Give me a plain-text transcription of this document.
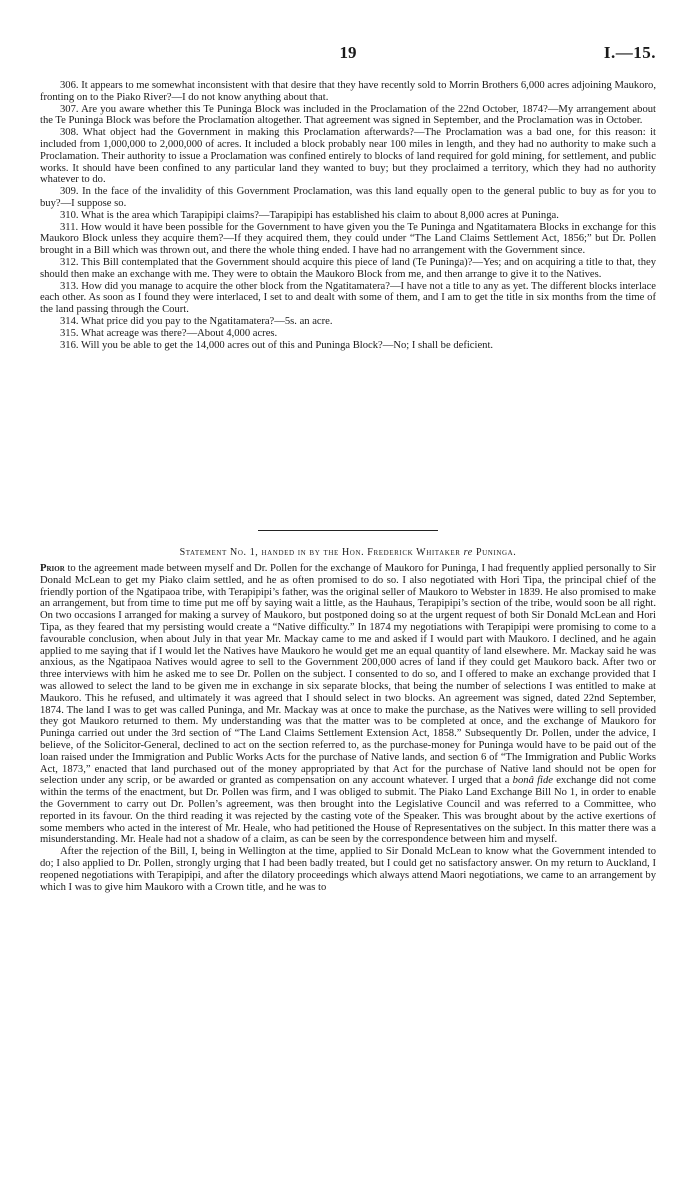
19	I.—15.

306. It appears to me somewhat inconsistent with that desire that they have recently sold to Morrin Brothers 6,000 acres adjoining Maukoro, fronting on to the Piako River?—I do not know anything about that.

307. Are you aware whether this Te Puninga Block was included in the Proclamation of the 22nd October, 1874?—My arrangement about the Te Puninga Block was before the Proclamation altogether. That agreement was signed in September, and the Proclamation was in October.

308. What object had the Government in making this Proclamation afterwards?—The Proclamation was a bad one, for this reason: it included from 1,000,000 to 2,000,000 of acres. It included a block probably near 100 miles in length, and they had no authority to make such a Proclamation. Their authority to issue a Proclamation was confined entirely to blocks of land required for gold mining, for settlement, and public works. It should have been confined to any particular land they wanted to buy; but they proclaimed a territory, which they had no authority whatever to do.

309. In the face of the invalidity of this Government Proclamation, was this land equally open to the general public to buy as for you to buy?—I suppose so.

310. What is the area which Tarapipipi claims?—Tarapipipi has established his claim to about 8,000 acres at Puninga.

311. How would it have been possible for the Government to have given you the Te Puninga and Ngatitamatera Blocks in exchange for this Maukoro Block unless they acquire them?—If they acquired them, they could under “The Land Claims Settlement Act, 1856;” but Dr. Pollen brought in a Bill which was thrown out, and there the whole thing ended. I have had no arrangement with the Government since.

312. This Bill contemplated that the Government should acquire this piece of land (Te Puninga)?—Yes; and on acquiring a title to that, they should then make an exchange with me. They were to obtain the Maukoro Block from me, and then arrange to give it to the Natives.

313. How did you manage to acquire the other block from the Ngatitamatera?—I have not a title to any as yet. The different blocks interlace each other. As soon as I found they were interlaced, I set to and dealt with some of them, and I am to get the title in six months from the time of the land passing through the Court.

314. What price did you pay to the Ngatitamatera?—5s. an acre.

315. What acreage was there?—About 4,000 acres.

316. Will you be able to get the 14,000 acres out of this and Puninga Block?—No; I shall be deficient.

Statement No. 1, handed in by the Hon. Frederick Whitaker re Puninga.

Prior to the agreement made between myself and Dr. Pollen for the exchange of Maukoro for Puninga, I had frequently applied personally to Sir Donald McLean to get my Piako claim settled, and he as often promised to do so. I also negotiated with Hori Tipa, the principal chief of the friendly portion of the Ngatipaoa tribe, with Terapipipi’s father, was the original seller of Maukoro to Webster in 1839. He also promised to make an arrangement, but from time to time put me off by saying wait a little, as the Hauhaus, Terapipipi’s section of the tribe, would soon be all right. On two occasions I arranged for making a survey of Maukoro, but postponed doing so at the urgent request of both Sir Donald McLean and Hori Tipa, as they feared that my persisting would create a “Native difficulty.” In 1874 my negotiations with Terapipipi were promising to come to a favourable conclusion, when about July in that year Mr. Mackay came to me and asked if I would part with Maukoro. I declined, and he again applied to me saying that if I would let the Natives have Maukoro he would get me an equal quantity of land elsewhere. Mr. Mackay said he was anxious, as the Ngatipaoa Natives would agree to sell to the Government 200,000 acres of land if they could get Maukoro back. After two or three interviews with him he asked me to see Dr. Pollen on the subject. I consented to do so, and I offered to make an exchange provided that I was allowed to select the land to be given me in exchange in six separate blocks, that being the number of selections I was entitled to make at Maukoro. This he refused, and ultimately it was agreed that I should select in two blocks. An agreement was signed, dated 22nd September, 1874. The land I was to get was called Puninga, and Mr. Mackay was at once to make the purchase, as the Natives were willing to sell provided they got Maukoro returned to them. My understanding was that the matter was to be completed at once, and the exchange of Maukoro for Puninga carried out under the 3rd section of “The Land Claims Settlement Extension Act, 1858.” Subsequently Dr. Pollen, under the advice, I believe, of the Solicitor-General, declined to act on the section referred to, as the purchase-money for Puninga would have to be paid out of the loan raised under the Immigration and Public Works Acts for the purchase of Native lands, and section 6 of “The Immigration and Public Works Act, 1873,” enacted that land purchased out of the money appropriated by that Act for the purchase of Native land should not be open for selection under any scrip, or be awarded or granted as compensation on any account whatever. I urged that a bonâ fide exchange did not come within the terms of the enactment, but Dr. Pollen was firm, and I was obliged to submit. The Piako Land Exchange Bill No 1, in order to enable the Government to carry out Dr. Pollen’s agreement, was then brought into the Legislative Council and was referred to a Committee, who reported in its favour. On the third reading it was rejected by the casting vote of the Speaker. This was brought about by the active exertions of some members who acted in the interest of Mr. Heale, who had petitioned the House of Representatives on the subject. In this matter there was a misunderstanding. Mr. Heale had not a shadow of a claim, as can be seen by the correspondence between him and myself.

After the rejection of the Bill, I, being in Wellington at the time, applied to Sir Donald McLean to know what the Government intended to do; I also applied to Dr. Pollen, strongly urging that I had been badly treated, but I could get no satisfactory answer. On my return to Auckland, I reopened negotiations with Terapipipi, and after the dilatory proceedings which always attend Maori negotiations, we came to an arrangement by which I was to give him Maukoro with a Crown title, and he was to
